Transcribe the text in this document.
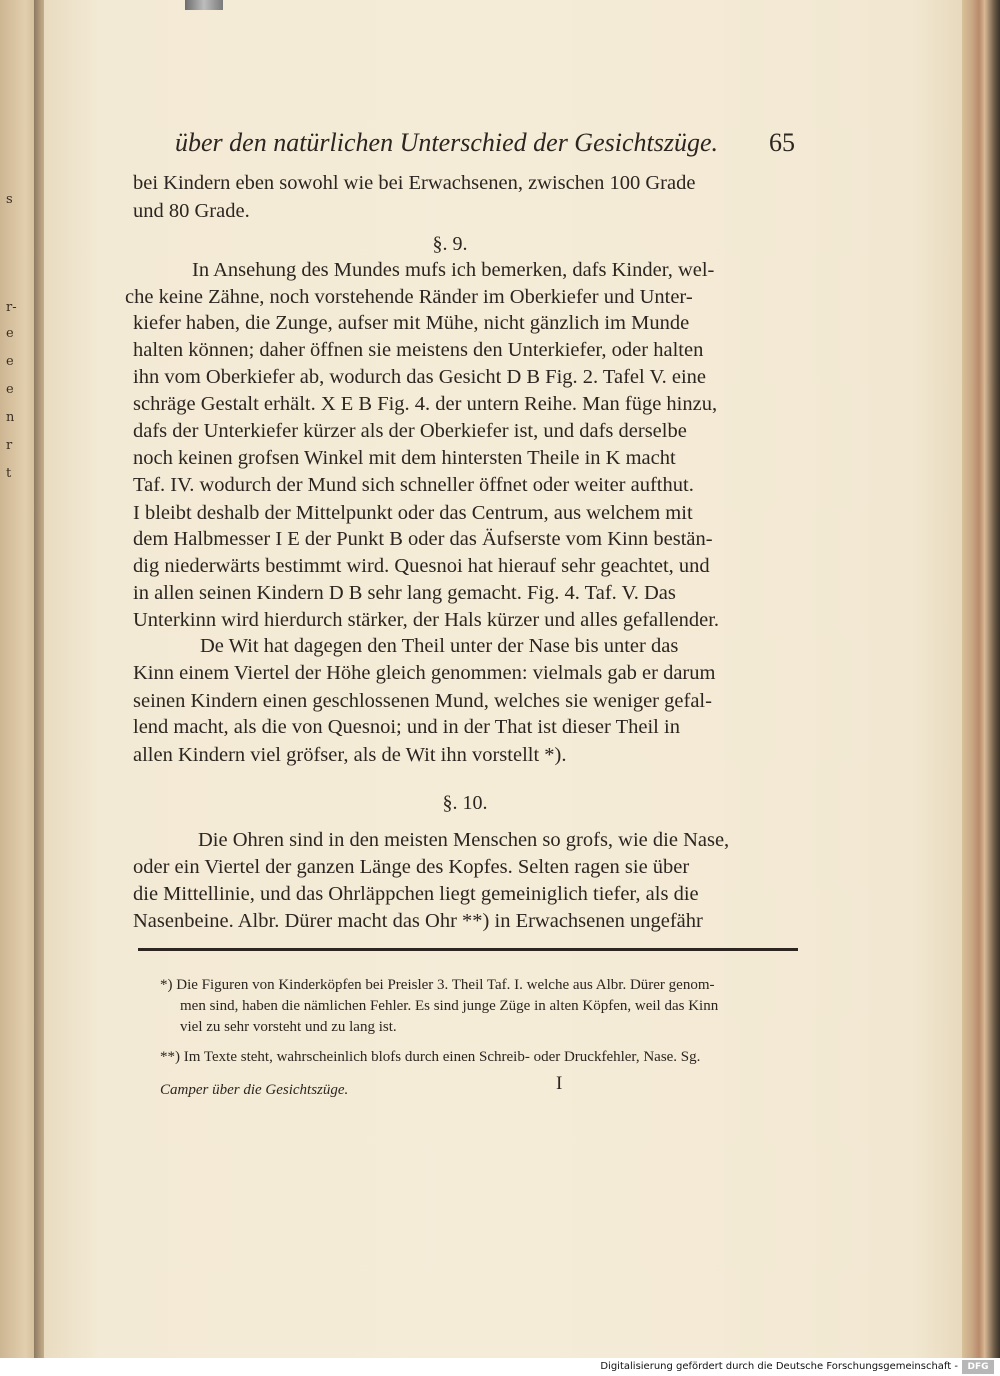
s
r-
e
e
e
n
r
t
über den natürlichen Unterschied der Gesichtszüge. 65
bei Kindern eben sowohl wie bei Erwachsenen, zwischen 100 Grade
und 80 Grade.
§. 9.
In Ansehung des Mundes mufs ich bemerken, dafs Kinder, wel-
che keine Zähne, noch vorstehende Ränder im Oberkiefer und Unter-
kiefer haben, die Zunge, aufser mit Mühe, nicht gänzlich im Munde
halten können; daher öffnen sie meistens den Unterkiefer, oder halten
ihn vom Oberkiefer ab, wodurch das Gesicht D B Fig. 2. Tafel V. eine
schräge Gestalt erhält. X E B Fig. 4. der untern Reihe. Man füge hinzu,
dafs der Unterkiefer kürzer als der Oberkiefer ist, und dafs derselbe
noch keinen grofsen Winkel mit dem hintersten Theile in K macht
Taf. IV. wodurch der Mund sich schneller öffnet oder weiter aufthut.
I bleibt deshalb der Mittelpunkt oder das Centrum, aus welchem mit
dem Halbmesser I E der Punkt B oder das Äufserste vom Kinn bestän-
dig niederwärts bestimmt wird. Quesnoi hat hierauf sehr geachtet, und
in allen seinen Kindern D B sehr lang gemacht. Fig. 4. Taf. V. Das
Unterkinn wird hierdurch stärker, der Hals kürzer und alles gefallender.
De Wit hat dagegen den Theil unter der Nase bis unter das
Kinn einem Viertel der Höhe gleich genommen: vielmals gab er darum
seinen Kindern einen geschlossenen Mund, welches sie weniger gefal-
lend macht, als die von Quesnoi; und in der That ist dieser Theil in
allen Kindern viel gröfser, als de Wit ihn vorstellt *).
§. 10.
Die Ohren sind in den meisten Menschen so grofs, wie die Nase,
oder ein Viertel der ganzen Länge des Kopfes. Selten ragen sie über
die Mittellinie, und das Ohrläppchen liegt gemeiniglich tiefer, als die
Nasenbeine. Albr. Dürer macht das Ohr **) in Erwachsenen ungefähr
*) Die Figuren von Kinderköpfen bei Preisler 3. Theil Taf. I. welche aus Albr. Dürer genom-
men sind, haben die nämlichen Fehler. Es sind junge Züge in alten Köpfen, weil das Kinn
viel zu sehr vorsteht und zu lang ist.
**) Im Texte steht, wahrscheinlich blofs durch einen Schreib- oder Druckfehler, Nase. Sg.
Camper über die Gesichtszüge.	I
Digitalisierung gefördert durch die Deutsche Forschungsgemeinschaft -	DFG
